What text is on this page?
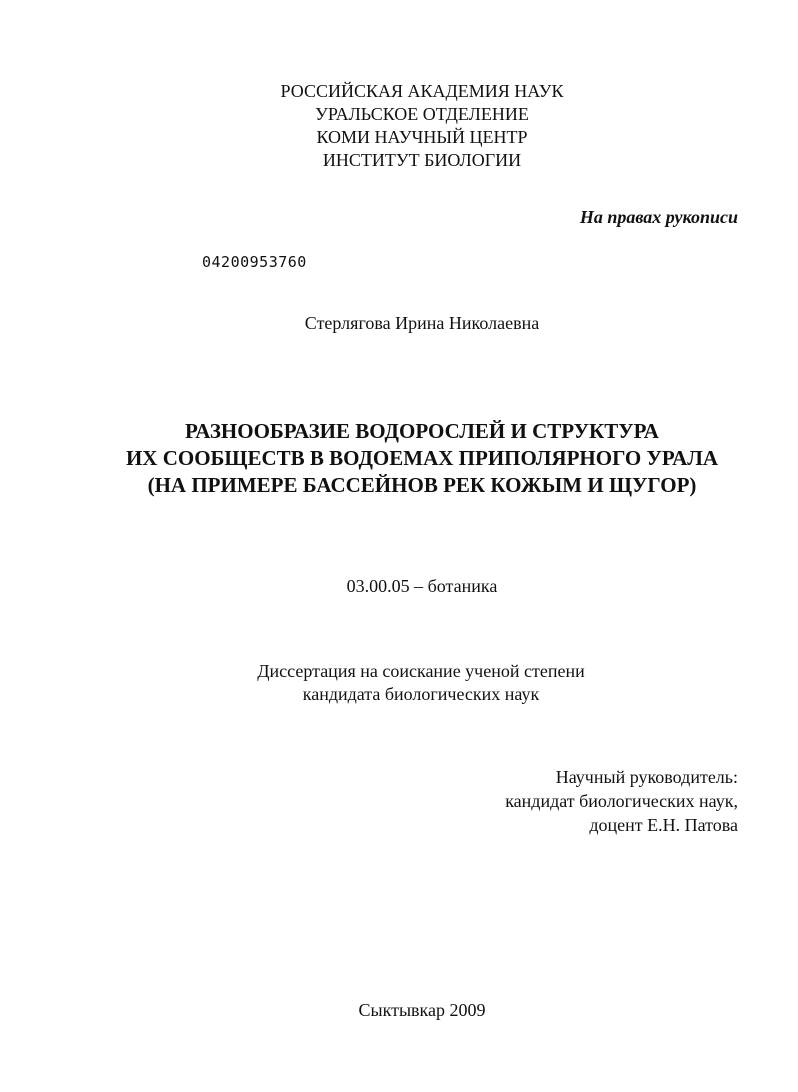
РОССИЙСКАЯ АКАДЕМИЯ НАУК
УРАЛЬСКОЕ ОТДЕЛЕНИЕ
КОМИ НАУЧНЫЙ ЦЕНТР
ИНСТИТУТ БИОЛОГИИ
На правах рукописи
04200953760
Стерлягова Ирина Николаевна
РАЗНООБРАЗИЕ ВОДОРОСЛЕЙ И СТРУКТУРА
ИХ СООБЩЕСТВ В ВОДОЕМАХ ПРИПОЛЯРНОГО УРАЛА
(НА ПРИМЕРЕ БАССЕЙНОВ РЕК КОЖЫМ И ЩУГОР)
03.00.05 – ботаника
Диссертация на соискание ученой степени
кандидата биологических наук
Научный руководитель:
кандидат биологических наук,
доцент Е.Н. Патова
Сыктывкар 2009
